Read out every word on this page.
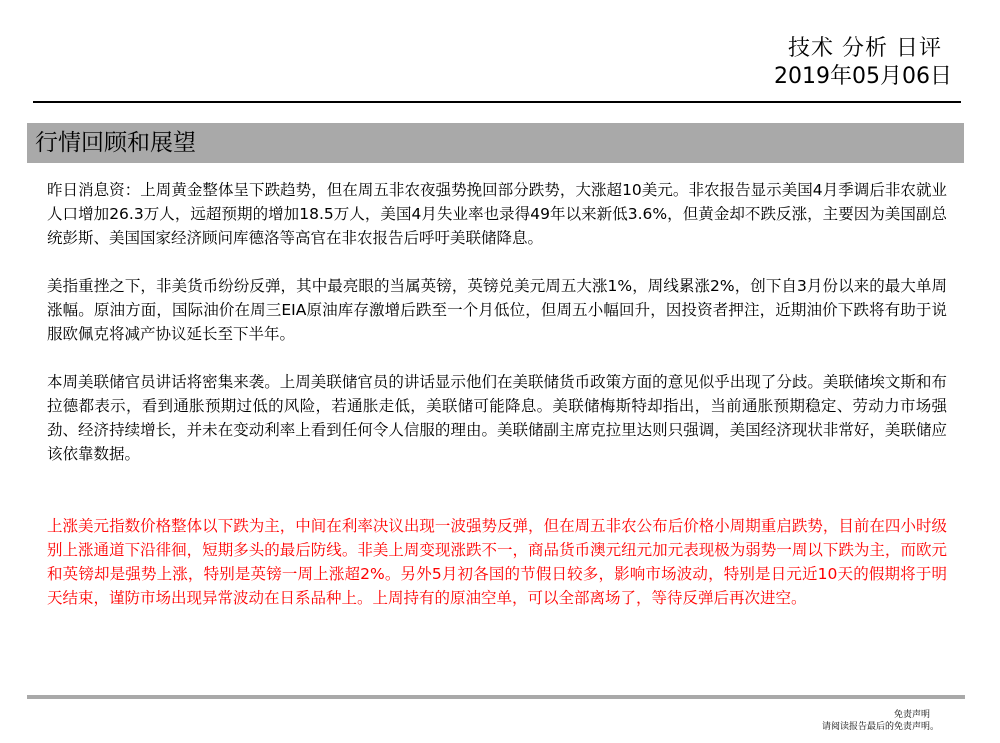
技术 分析 日评
2019年05月06日
行情回顾和展望

昨日消息资：上周黄金整体呈下跌趋势，但在周五非农夜强势挽回部分跌势，大涨超10美元。非农报告显示美国4月季调后非农就业人口增加26.3万人，远超预期的增加18.5万人，美国4月失业率也录得49年以来新低3.6%，但黄金却不跌反涨，主要因为美国副总统彭斯、美国国家经济顾问库德洛等高官在非农报告后呼吁美联储降息。

美指重挫之下，非美货币纷纷反弹，其中最亮眼的当属英镑，英镑兑美元周五大涨1%，周线累涨2%，创下自3月份以来的最大单周涨幅。原油方面，国际油价在周三EIA原油库存激增后跌至一个月低位，但周五小幅回升，因投资者押注，近期油价下跌将有助于说服欧佩克将减产协议延长至下半年。

本周美联储官员讲话将密集来袭。上周美联储官员的讲话显示他们在美联储货币政策方面的意见似乎出现了分歧。美联储埃文斯和布拉德都表示，看到通胀预期过低的风险，若通胀走低，美联储可能降息。美联储梅斯特却指出，当前通胀预期稳定、劳动力市场强劲、经济持续增长，并未在变动利率上看到任何令人信服的理由。美联储副主席克拉里达则只强调，美国经济现状非常好，美联储应该依靠数据。

上涨美元指数价格整体以下跌为主，中间在利率决议出现一波强势反弹，但在周五非农公布后价格小周期重启跌势，目前在四小时级别上涨通道下沿徘徊，短期多头的最后防线。非美上周变现涨跌不一，商品货币澳元纽元加元表现极为弱势一周以下跌为主，而欧元和英镑却是强势上涨，特别是英镑一周上涨超2%。另外5月初各国的节假日较多，影响市场波动，特别是日元近10天的假期将于明天结束，谨防市场出现异常波动在日系品种上。上周持有的原油空单，可以全部离场了，等待反弹后再次进空。

免责声明
请阅读报告最后的免责声明。
